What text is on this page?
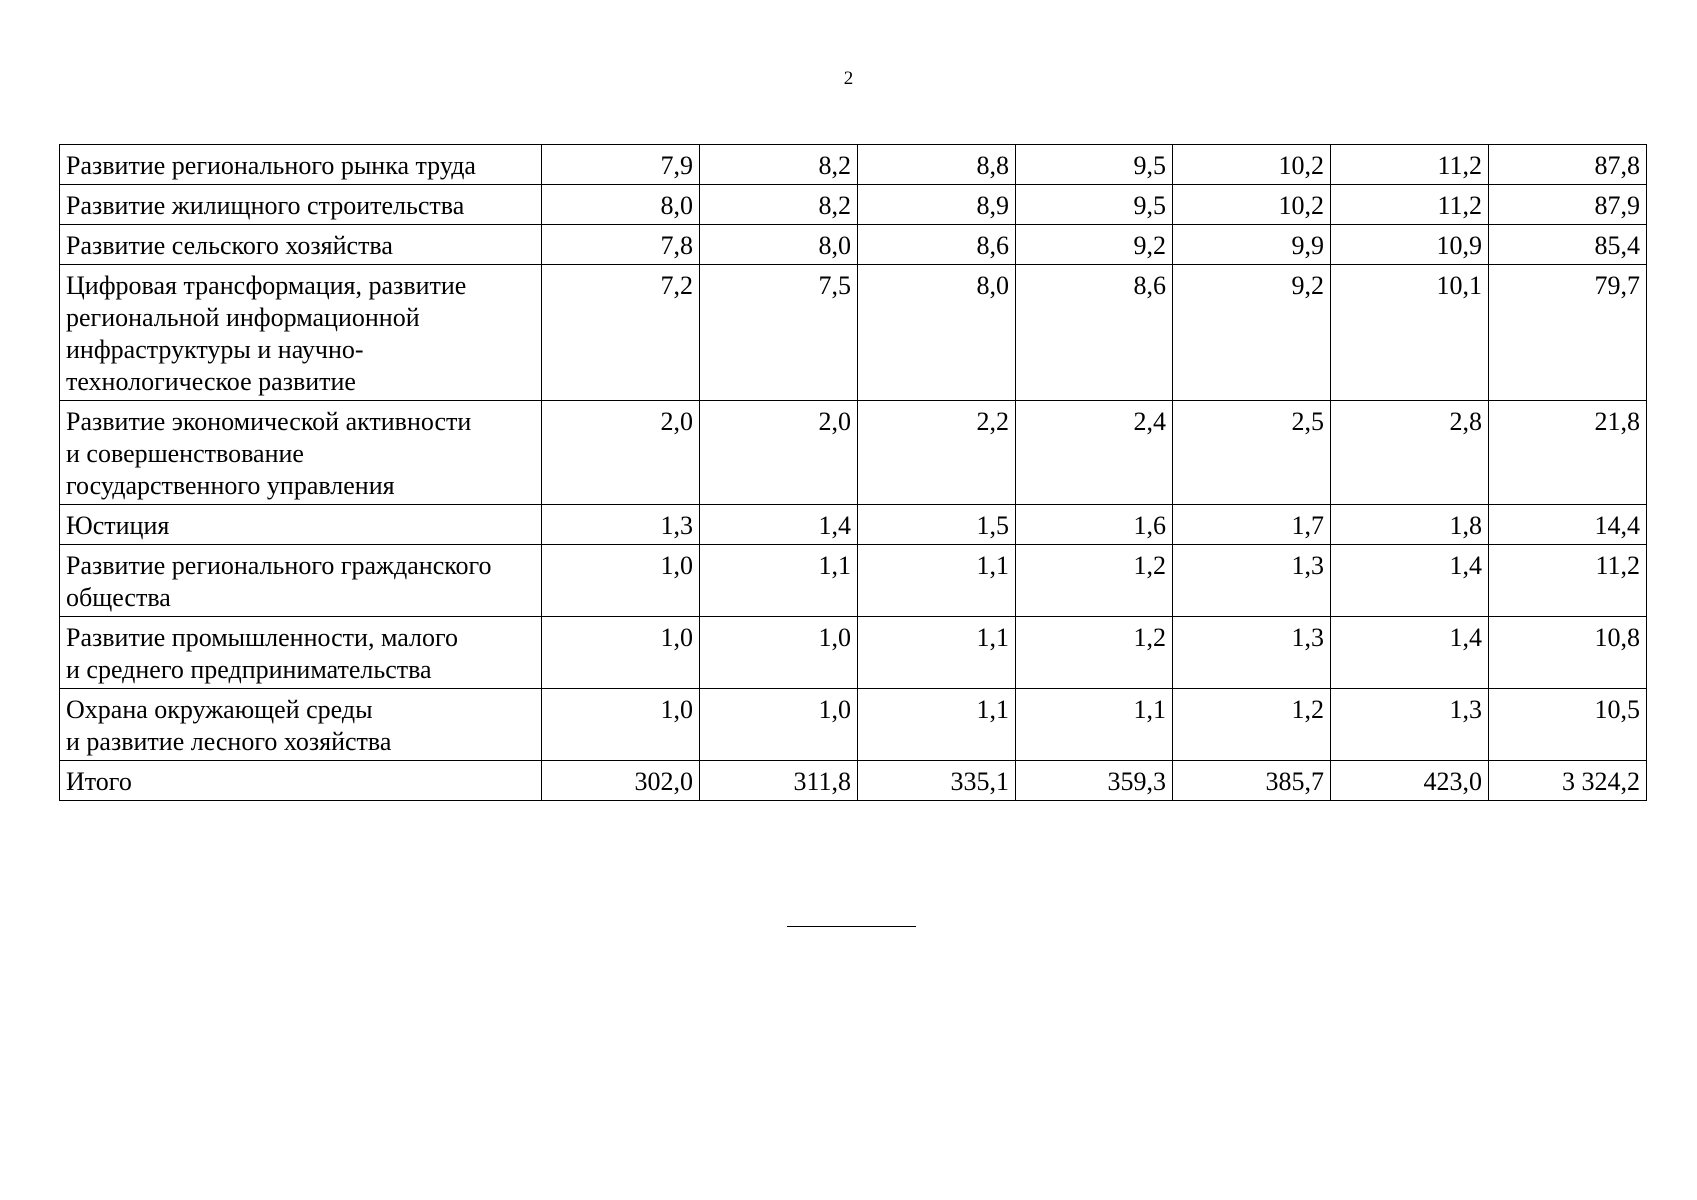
2
Развитие регионального рынка труда	7,9	8,2	8,8	9,5	10,2	11,2	87,8
Развитие жилищного строительства	8,0	8,2	8,9	9,5	10,2	11,2	87,9
Развитие сельского хозяйства	7,8	8,0	8,6	9,2	9,9	10,9	85,4
Цифровая трансформация, развитие
региональной информационной
инфраструктуры и научно-
технологическое развитие	7,2	7,5	8,0	8,6	9,2	10,1	79,7
Развитие экономической активности
и совершенствование
государственного управления	2,0	2,0	2,2	2,4	2,5	2,8	21,8
Юстиция	1,3	1,4	1,5	1,6	1,7	1,8	14,4
Развитие регионального гражданского
общества	1,0	1,1	1,1	1,2	1,3	1,4	11,2
Развитие промышленности, малого
и среднего предпринимательства	1,0	1,0	1,1	1,2	1,3	1,4	10,8
Охрана окружающей среды
и развитие лесного хозяйства	1,0	1,0	1,1	1,1	1,2	1,3	10,5
Итого	302,0	311,8	335,1	359,3	385,7	423,0	3 324,2
